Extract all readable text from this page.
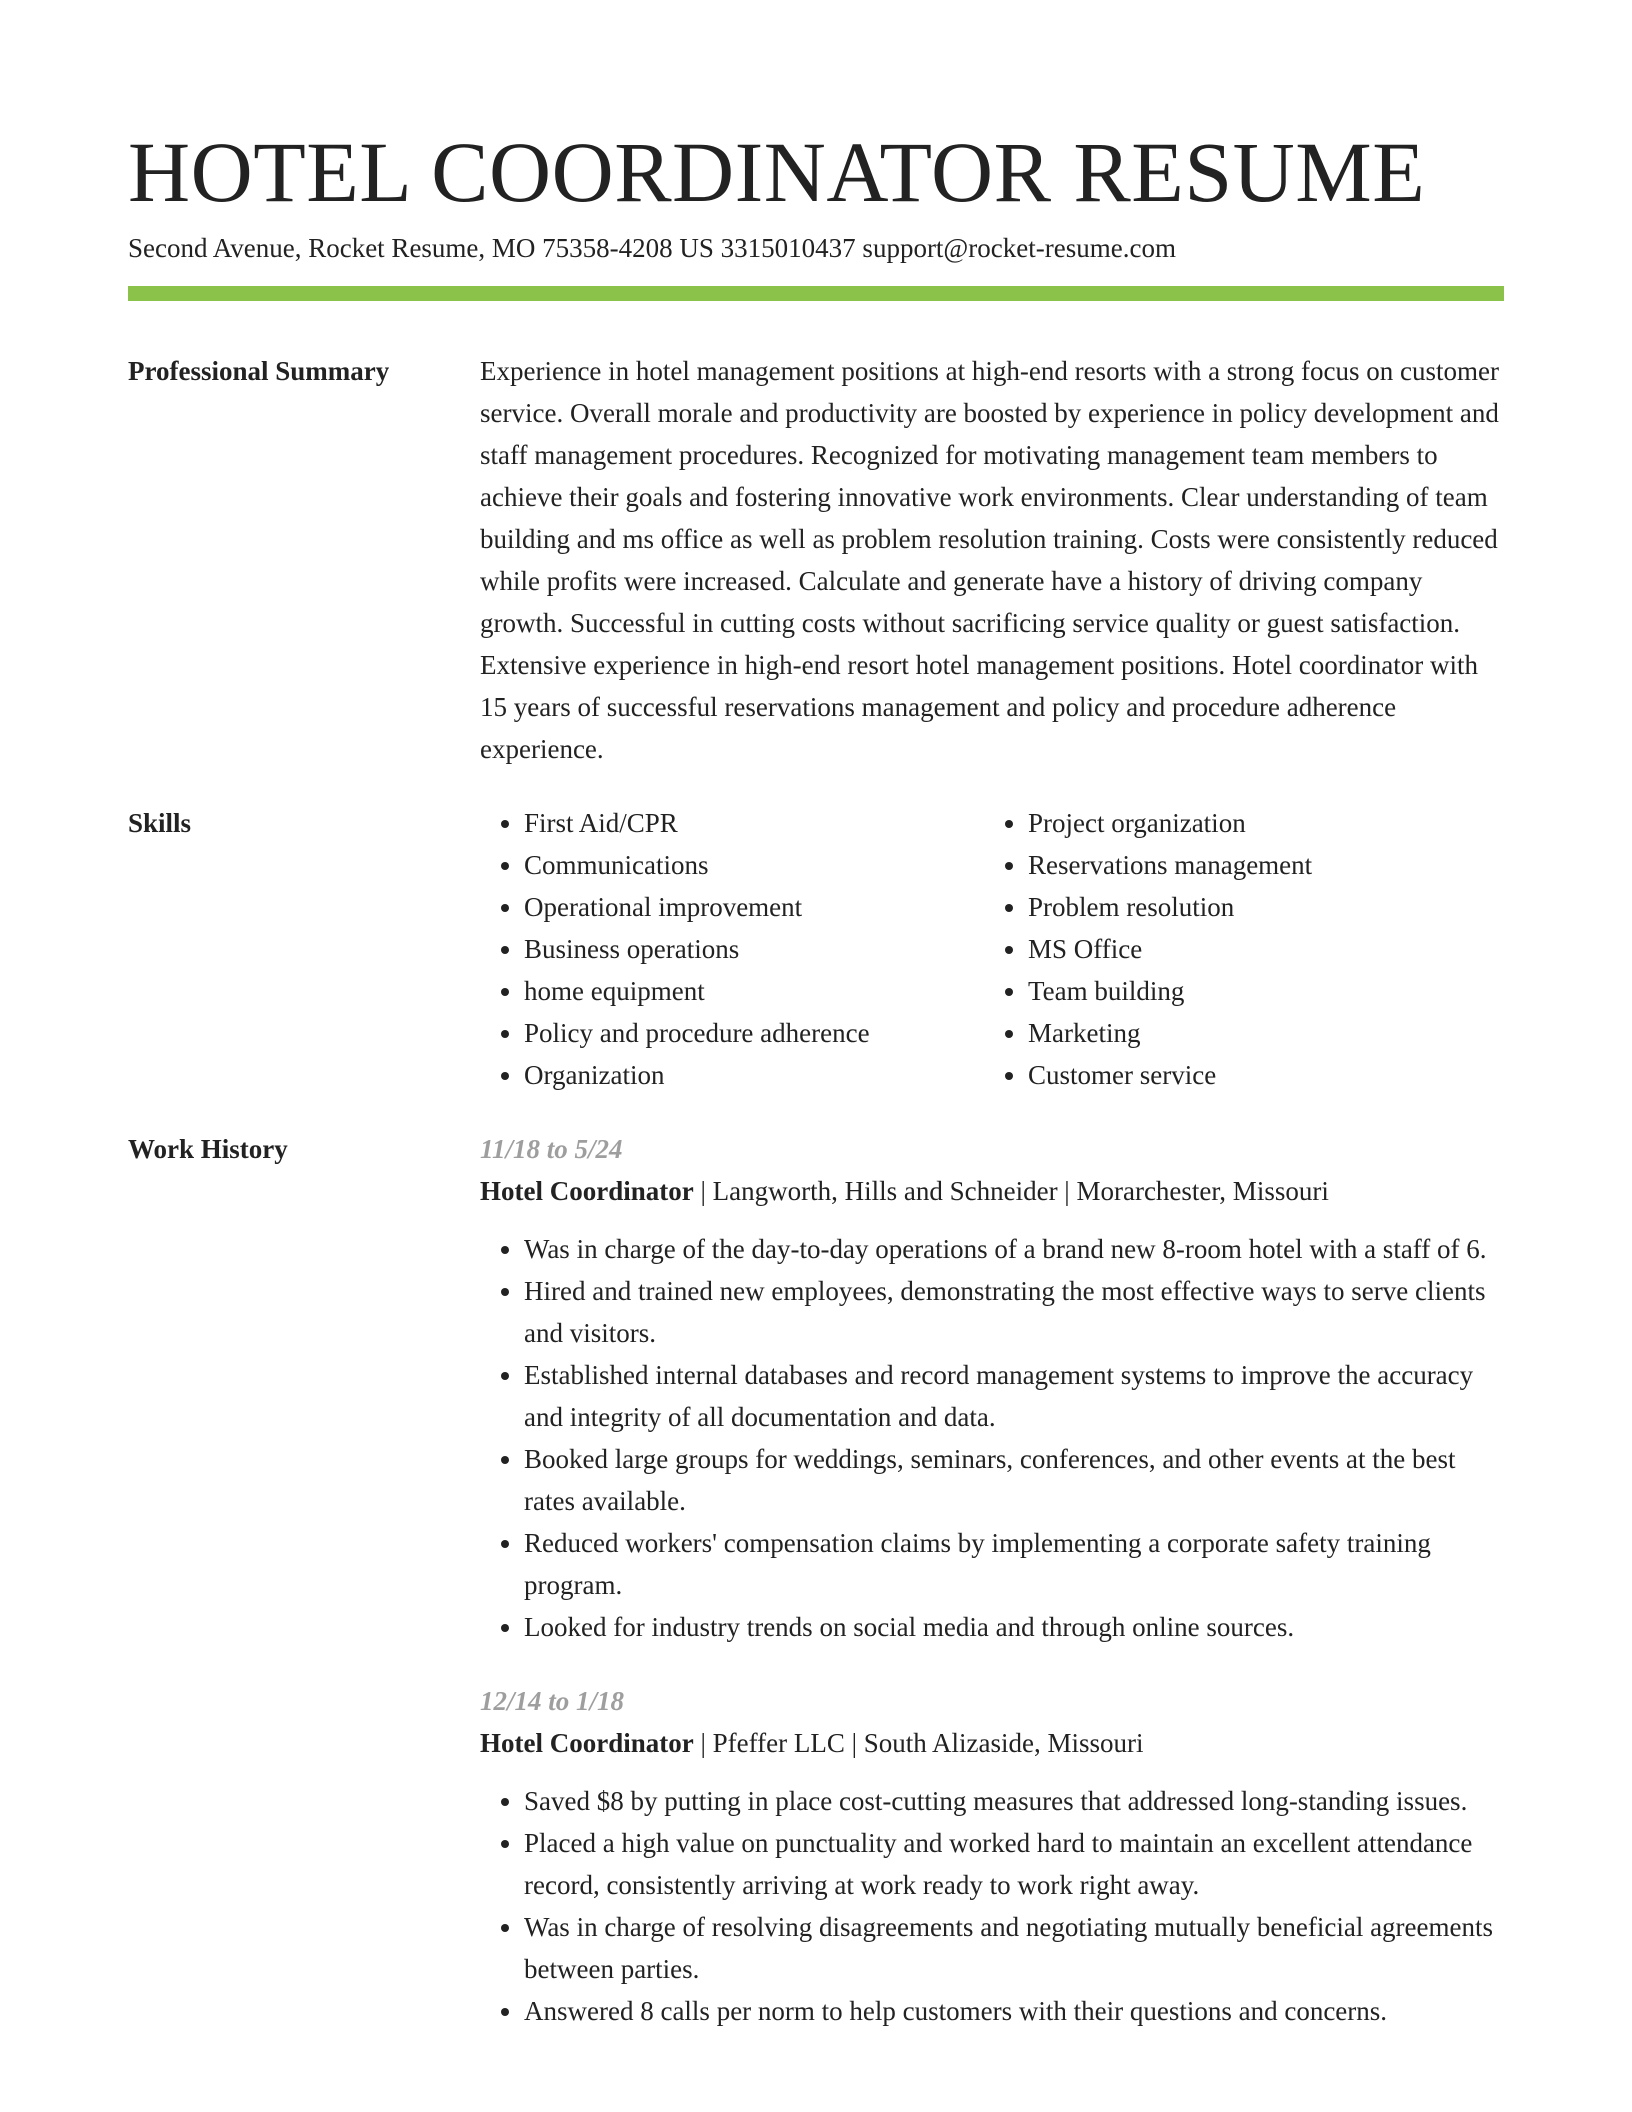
HOTEL COORDINATOR RESUME
Second Avenue, Rocket Resume, MO 75358-4208 US 3315010437 support@rocket-resume.com
Professional Summary	Experience in hotel management positions at high-end resorts with a strong focus on customer service. Overall morale and productivity are boosted by experience in policy development and staff management procedures. Recognized for motivating management team members to achieve their goals and fostering innovative work environments. Clear understanding of team building and ms office as well as problem resolution training. Costs were consistently reduced while profits were increased. Calculate and generate have a history of driving company growth. Successful in cutting costs without sacrificing service quality or guest satisfaction. Extensive experience in high-end resort hotel management positions. Hotel coordinator with 15 years of successful reservations management and policy and procedure adherence experience.

Skills
•	First Aid/CPR
• Communications
• Operational improvement
• Business operations
• home equipment
• Policy and procedure adherence
• Organization
• Project organization
• Reservations management
• Problem resolution
• MS Office
• Team building
• Marketing
• Customer service
Work History	11/18 to 5/24
Hotel Coordinator | Langworth, Hills and Schneider | Morarchester, Missouri
• Was in charge of the day-to-day operations of a brand new 8-room hotel with a staff of 6.
• Hired and trained new employees, demonstrating the most effective ways to serve clients and visitors.
• Established internal databases and record management systems to improve the accuracy and integrity of all documentation and data.
• Booked large groups for weddings, seminars, conferences, and other events at the best rates available.
• Reduced workers' compensation claims by implementing a corporate safety training program.
• Looked for industry trends on social media and through online sources.
12/14 to 1/18
Hotel Coordinator | Pfeffer LLC | South Alizaside, Missouri
• Saved $8 by putting in place cost-cutting measures that addressed long-standing issues.
• Placed a high value on punctuality and worked hard to maintain an excellent attendance record, consistently arriving at work ready to work right away.
• Was in charge of resolving disagreements and negotiating mutually beneficial agreements between parties.
• Answered 8 calls per norm to help customers with their questions and concerns.
